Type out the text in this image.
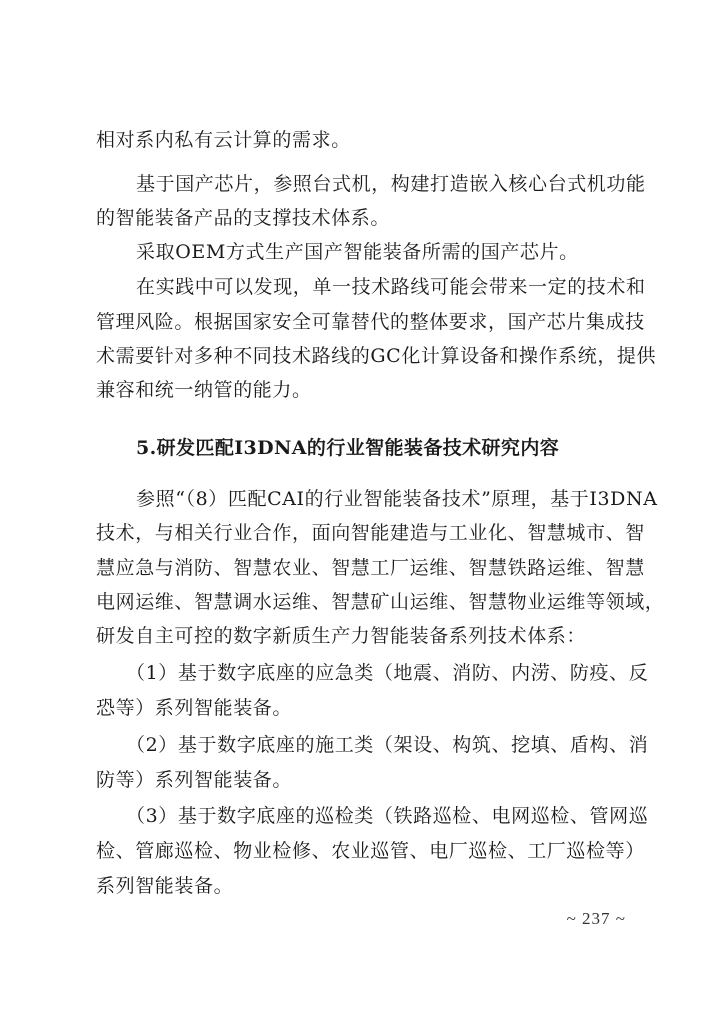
相对系内私有云计算的需求。
基于国产芯片，参照台式机，构建打造嵌入核心台式机功能
的智能装备产品的支撑技术体系。
采取OEM方式生产国产智能装备所需的国产芯片。
在实践中可以发现，单一技术路线可能会带来一定的技术和
管理风险。根据国家安全可靠替代的整体要求，国产芯片集成技
术需要针对多种不同技术路线的GC化计算设备和操作系统，提供
兼容和统一纳管的能力。
5.研发匹配I3DNA的行业智能装备技术研究内容
参照“（8）匹配CAI的行业智能装备技术”原理，基于I3DNA
技术，与相关行业合作，面向智能建造与工业化、智慧城市、智
慧应急与消防、智慧农业、智慧工厂运维、智慧铁路运维、智慧
电网运维、智慧调水运维、智慧矿山运维、智慧物业运维等领域，
研发自主可控的数字新质生产力智能装备系列技术体系：
（1）基于数字底座的应急类（地震、消防、内涝、防疫、反
恐等）系列智能装备。
（2）基于数字底座的施工类（架设、构筑、挖填、盾构、消
防等）系列智能装备。
（3）基于数字底座的巡检类（铁路巡检、电网巡检、管网巡
检、管廊巡检、物业检修、农业巡管、电厂巡检、工厂巡检等）
系列智能装备。
~ 237 ~
